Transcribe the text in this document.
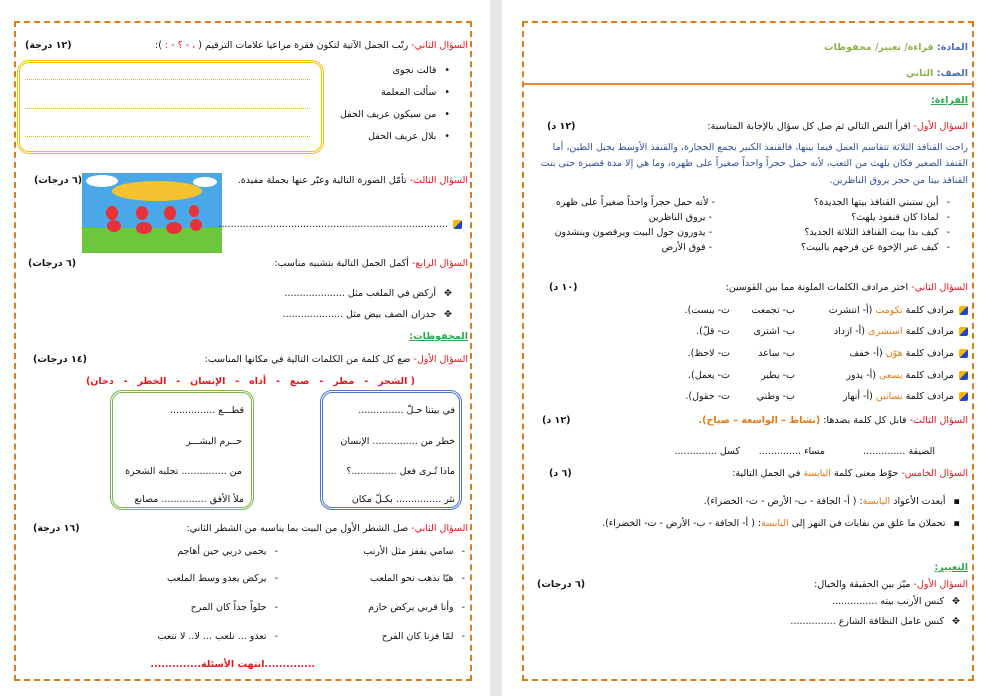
السؤال الثاني- رتّب الجمل الآتية لتكون فقرة مراعيا علامات الترقيم ( ، - ؟ - : ):
(١٢ درجة)
•قالت نجوى
•سألت المعلمة
•من سيكون عريف الحفل
•بلال عريف الحفل
السؤال الثالث- تأمّل الصورة التالية وعبّر عنها بجملة مفيدة.
(٦ درجات)
............................................................................
السؤال الرابع- أكمل الجمل التالية بتشبيه مناسب:
(٦ درجات)
✥أركض في الملعب مثل ....................
✥جدران الصف بيض مثل ....................
المحفوظات:
السؤال الأول- ضع كل كلمة من الكلمات التالية في مكانها المناسب:
(١٤ درجات)
( الشجر   -   مطر   -   صنع   -   أذاه   -   الإنسان   -   الخطر   -   دخان)
في بيتنا حـلّ ...............
خطر من ............... الإنسان
ماذا تُـرى فعل ...............؟
نثر ............... بكـلّ مكان
قطـــع ...............
حــرم البشـــر
من ............... تجلبه الشجرة
ملأ الأفق ............... مصانع
السؤال الثاني- صل الشطر الأول من البيت بما يناسبه من الشطر الثاني:
(١٦ درجة)
-سامي يقفز مثل الأرنب
-هيّا نذهب نحو الملعب
-وأنا قربي يركض حازم
-لمّا فزنا كان الفرح
-يحمي دربي حين أهاجم
-يركض يعدو وسط الملعب
-حلواً جداً كان المرح
-تعدو ... نلعب ... لا.. لا نتعب
..............انتهت الأسئلة..............
المادة: قراءة/ تعبير/ محفوظات
الصف: الثاني
القراءة:
السؤال الأول- اقرأ النص التالي ثم صل كل سؤال بالإجابة المناسبة:
(١٢ د)
راحت القنافذ الثلاثة تتقاسم العمل فيما بينها، فالقنفذ الكبير يجمع الحجارة، والقنفذ الأوسط يجبل الطين، أما
القنفذ الصغير فكان يلهث من التعب، لأنه حمل حجراً واحداً صغيراً على ظهره، وما هي إلا مدة قصيرة حتى بنت
القنافذ بيتا من حجر يروق الناظرين.
-أين ستبني القنافذ بيتها الجديدة؟
-لماذا كان قنفوذ يلهث؟
-كيف بدا بيت القنافذ الثلاثة الجديد؟
-كيف عبر الإخوة عن فرحهم بالبيت؟
- لأنه حمل حجراً واحداً صغيراً على ظهره
- يروق الناظرين
- يدورون حول البيت ويرقصون وينشدون
- فوق الأرض
السؤال الثاني- اختر مرادف الكلمات الملونة مما بين القوسين:
(١٠ د)
مرادف كلمة تكومت (أ- انتشرت
ب- تجمعت
ت- يبست).
مرادف كلمة استشرى (أ- ازداد
ب- اشترى
ت- قلّ).
مرادف كلمة هوّن (أ- خفف
ب- ساعد
ت- لاحظ).
مرادف كلمة يسعى (أ- يدور
ب- يطير
ت- يعمل).
مرادف كلمة بساتين (أ- أنهار
ب- وطني
ت- حقول).
السؤال الثالث- قابل كل كلمة بضدها: (نشاط – الواسعة – صباح).
(١٢ د)
الضيقة ..............
مساء ..............
كسل ..............
السؤال الخامس- حوّط معنى كلمة اليابسة في الجمل التالية:
(٦ د)
▪أبعدت الأعواد اليابسة: ( أ- الجافة - ب- الأرض - ت- الخضراء).
▪تحملان ما علق من نفايات في النهر إلى اليابسة: ( أ- الجافة - ب- الأرض - ت- الخضراء).
التعبير:
السؤال الأول- ميّز بين الحقيقة والخيال:
(٦ درجات)
✥كنس الأرنب بيته ...............
✥كنس عامل النظافة الشارع ...............
